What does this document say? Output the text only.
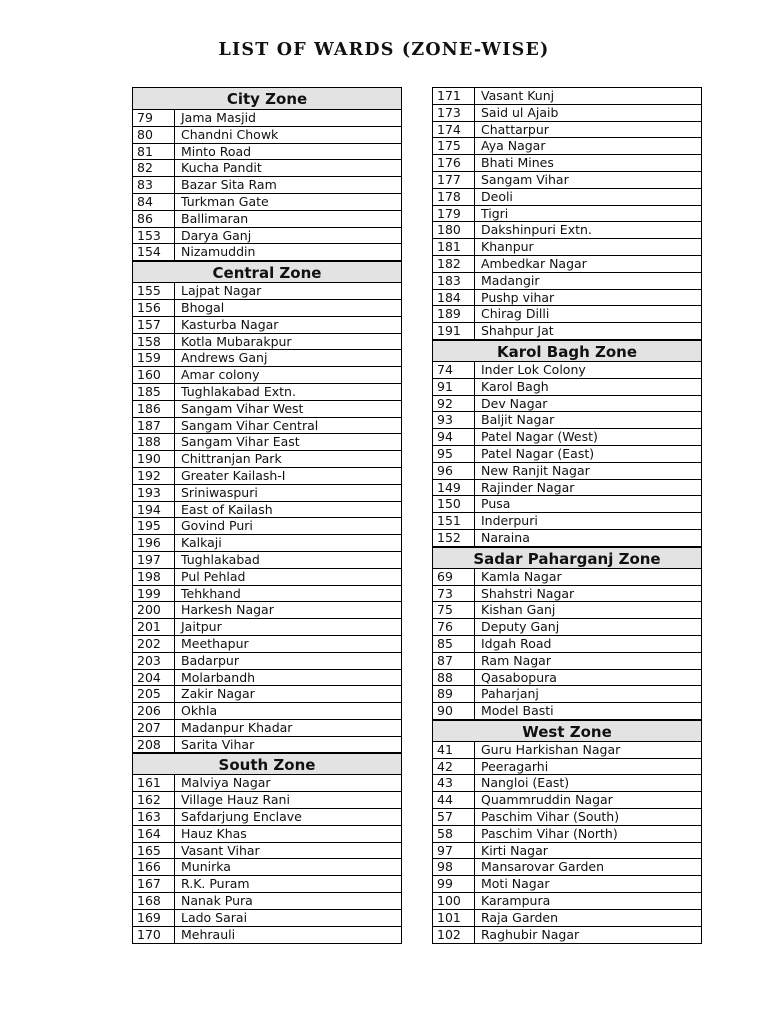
LIST OF WARDS (ZONE-WISE)
City Zone
79	Jama Masjid
80	Chandni Chowk
81	Minto Road
82	Kucha Pandit
83	Bazar Sita Ram
84	Turkman Gate
86	Ballimaran
153	Darya Ganj
154	Nizamuddin
Central Zone
155	Lajpat Nagar
156	Bhogal
157	Kasturba Nagar
158	Kotla Mubarakpur
159	Andrews Ganj
160	Amar colony
185	Tughlakabad Extn.
186	Sangam Vihar West
187	Sangam Vihar Central
188	Sangam Vihar East
190	Chittranjan Park
192	Greater Kailash-I
193	Sriniwaspuri
194	East of Kailash
195	Govind Puri
196	Kalkaji
197	Tughlakabad
198	Pul Pehlad
199	Tehkhand
200	Harkesh Nagar
201	Jaitpur
202	Meethapur
203	Badarpur
204	Molarbandh
205	Zakir Nagar
206	Okhla
207	Madanpur Khadar
208	Sarita Vihar
South Zone
161	Malviya Nagar
162	Village Hauz Rani
163	Safdarjung Enclave
164	Hauz Khas
165	Vasant Vihar
166	Munirka
167	R.K. Puram
168	Nanak Pura
169	Lado Sarai
170	Mehrauli
171	Vasant Kunj
173	Said ul Ajaib
174	Chattarpur
175	Aya Nagar
176	Bhati Mines
177	Sangam Vihar
178	Deoli
179	Tigri
180	Dakshinpuri Extn.
181	Khanpur
182	Ambedkar Nagar
183	Madangir
184	Pushp vihar
189	Chirag Dilli
191	Shahpur Jat
Karol Bagh Zone
74	Inder Lok Colony
91	Karol Bagh
92	Dev Nagar
93	Baljit Nagar
94	Patel Nagar (West)
95	Patel Nagar (East)
96	New Ranjit Nagar
149	Rajinder Nagar
150	Pusa
151	Inderpuri
152	Naraina
Sadar Paharganj Zone
69	Kamla Nagar
73	Shahstri Nagar
75	Kishan Ganj
76	Deputy Ganj
85	Idgah Road
87	Ram Nagar
88	Qasabopura
89	Paharjanj
90	Model Basti
West Zone
41	Guru Harkishan Nagar
42	Peeragarhi
43	Nangloi (East)
44	Quammruddin Nagar
57	Paschim Vihar (South)
58	Paschim Vihar (North)
97	Kirti Nagar
98	Mansarovar Garden
99	Moti Nagar
100	Karampura
101	Raja Garden
102	Raghubir Nagar
